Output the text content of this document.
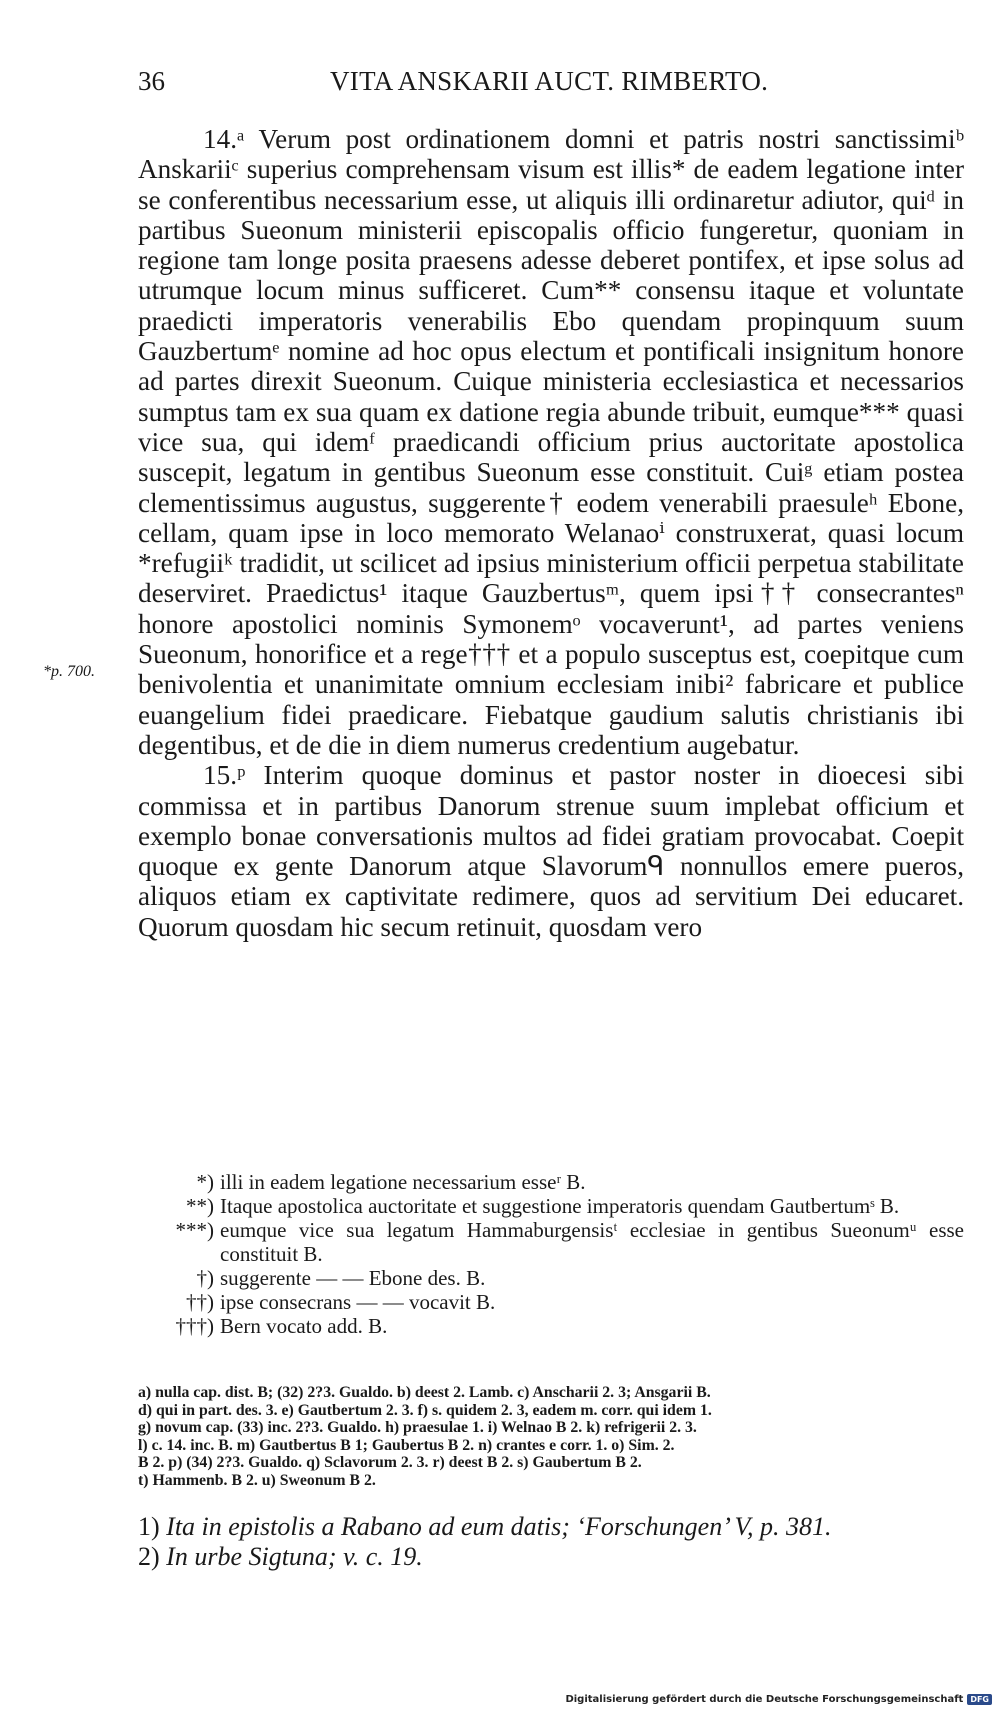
36	VITA ANSKARII AUCT. RIMBERTO.

14.ᵃ Verum post ordinationem domni et patris nostri sanctissimiᵇ Anskariiᶜ superius comprehensam visum est illis* de eadem legatione inter se conferentibus necessarium esse, ut aliquis illi ordinaretur adiutor, quiᵈ in partibus Sueonum ministerii episcopalis officio fungeretur, quoniam in regione tam longe posita praesens adesse deberet pontifex, et ipse solus ad utrumque locum minus sufficeret. Cum** consensu itaque et voluntate praedicti imperatoris venerabilis Ebo quendam propinquum suum Gauzbertumᵉ nomine ad hoc opus electum et pontificali insignitum honore ad partes direxit Sueonum. Cuique ministeria ecclesiastica et necessarios sumptus tam ex sua quam ex datione regia abunde tribuit, eumque*** quasi vice sua, qui idemᶠ praedicandi officium prius auctoritate apostolica suscepit, legatum in gentibus Sueonum esse constituit. Cuiᵍ etiam postea clementissimus augustus, suggerente† eodem venerabili praesuleʰ Ebone, cellam, quam ipse in loco memorato Welanaoⁱ construxerat, quasi locum *refugiiᵏ tradidit, ut scilicet ad ipsius ministerium officii perpetua stabilitate deserviret. Praedictus¹ itaque Gauzbertusᵐ, quem ipsi†† consecrantesⁿ honore apostolici nominis Symonemᵒ vocaverunt¹, ad partes veniens Sueonum, honorifice et a rege††† et a populo susceptus est, coepitque cum benivolentia et unanimitate omnium ecclesiam inibi² fabricare et publice euangelium fidei praedicare. Fiebatque gaudium salutis christianis ibi degentibus, et de die in diem numerus credentium augebatur.

15.ᵖ Interim quoque dominus et pastor noster in dioecesi sibi commissa et in partibus Danorum strenue suum implebat officium et exemplo bonae conversationis multos ad fidei gratiam provocabat. Coepit quoque ex gente Danorum atque Slavorumᑫ nonnullos emere pueros, aliquos etiam ex captivitate redimere, quos ad servitium Dei educaret. Quorum quosdam hic secum retinuit, quosdam vero

*p. 700.
*) illi in eadem legatione necessarium esseʳ B.
**) Itaque apostolica auctoritate et suggestione imperatoris quendam Gautbertumˢ B.
***) eumque vice sua legatum Hammaburgensisᵗ ecclesiae in gentibus Sueonumᵘ esse constituit B.
†) suggerente — — Ebone des. B.
††) ipse consecrans — — vocavit B.
†††) Bern vocato add. B.

a) nulla cap. dist. B; (32) 2?3. Gualdo. b) deest 2. Lamb. c) Anscharii 2. 3; Ansgarii B.

d) qui in part. des. 3. e) Gautbertum 2. 3. f) s. quidem 2. 3, eadem m. corr. qui idem 1.

g) novum cap. (33) inc. 2?3. Gualdo. h) praesulae 1. i) Welnao B 2. k) refrigerii 2. 3.

l) c. 14. inc. B. m) Gautbertus B 1; Gaubertus B 2. n) crantes e corr. 1. o) Sim. 2.

B 2. p) (34) 2?3. Gualdo. q) Sclavorum 2. 3. r) deest B 2. s) Gaubertum B 2.

t) Hammenb. B 2. u) Sweonum B 2.

1) Ita in epistolis a Rabano ad eum datis; ‘Forschungen’ V, p. 381.

2) In urbe Sigtuna; v. c. 19.

Digitalisierung gefördert durch die Deutsche Forschungsgemeinschaft DFG
